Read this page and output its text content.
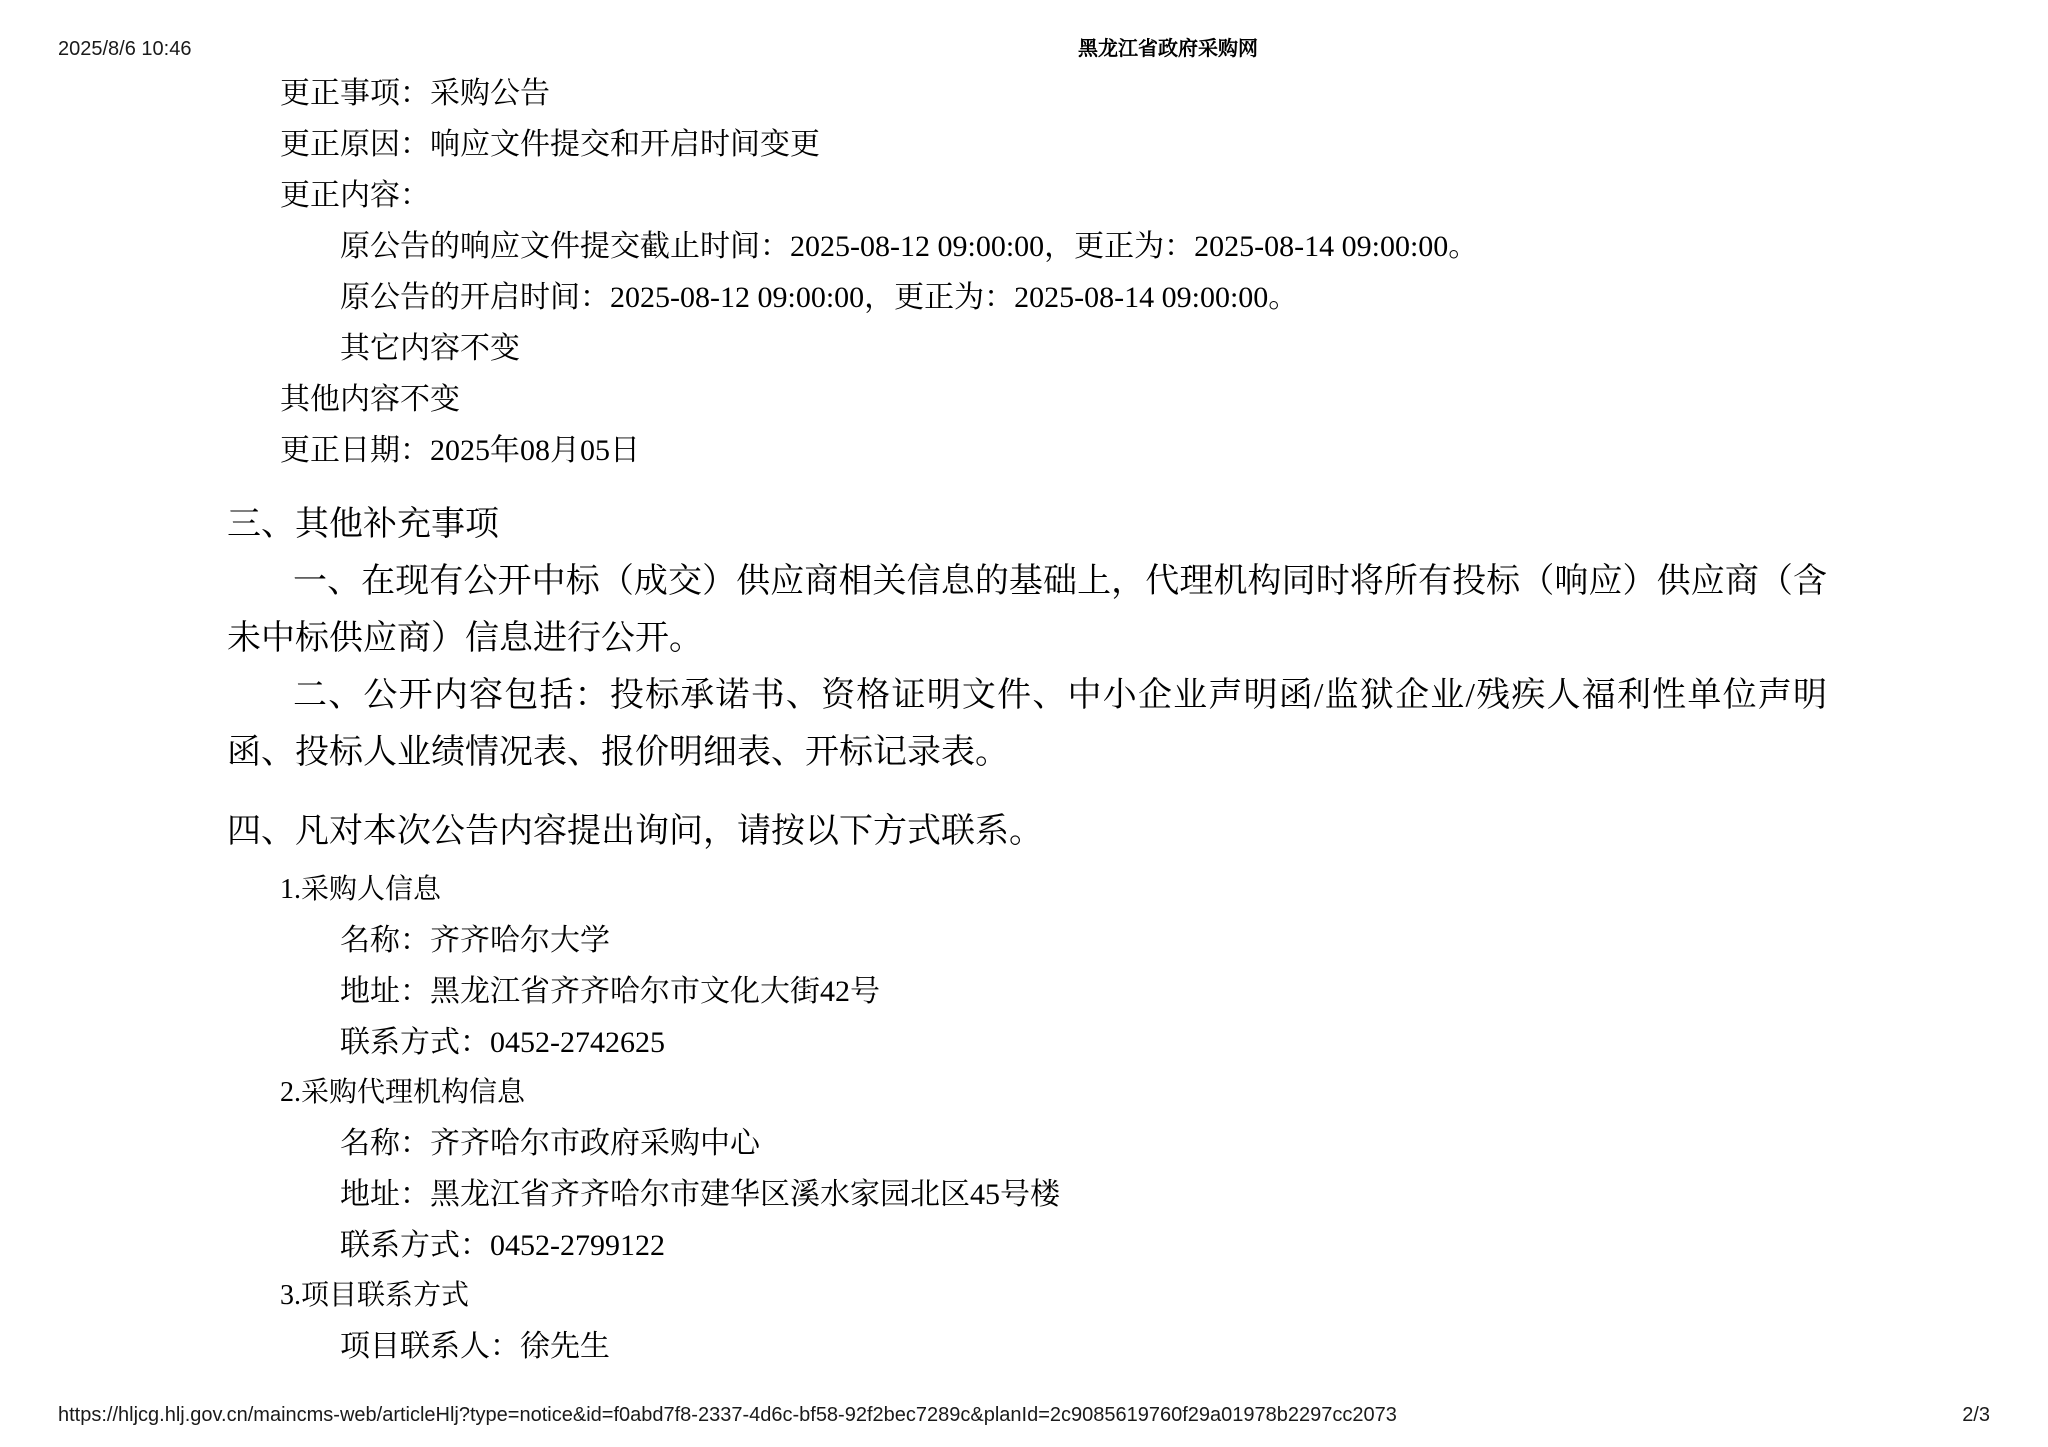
2025/8/6 10:46	黑龙江省政府采购网
更正事项：采购公告
更正原因：响应文件提交和开启时间变更
更正内容：
原公告的响应文件提交截止时间：2025-08-12 09:00:00，更正为：2025-08-14 09:00:00。
原公告的开启时间：2025-08-12 09:00:00，更正为：2025-08-14 09:00:00。
其它内容不变
其他内容不变
更正日期：2025年08月05日
三、其他补充事项
一、在现有公开中标（成交）供应商相关信息的基础上，代理机构同时将所有投标（响应）供应商（含未中标供应商）信息进行公开。
二、公开内容包括：投标承诺书、资格证明文件、中小企业声明函/监狱企业/残疾人福利性单位声明函、投标人业绩情况表、报价明细表、开标记录表。
四、凡对本次公告内容提出询问，请按以下方式联系。
1.采购人信息
名称：齐齐哈尔大学
地址：黑龙江省齐齐哈尔市文化大街42号
联系方式：0452-2742625
2.采购代理机构信息
名称：齐齐哈尔市政府采购中心
地址：黑龙江省齐齐哈尔市建华区溪水家园北区45号楼
联系方式：0452-2799122
3.项目联系方式
项目联系人：徐先生
https://hljcg.hlj.gov.cn/maincms-web/articleHlj?type=notice&id=f0abd7f8-2337-4d6c-bf58-92f2bec7289c&planId=2c9085619760f29a01978b2297cc2073	2/3
